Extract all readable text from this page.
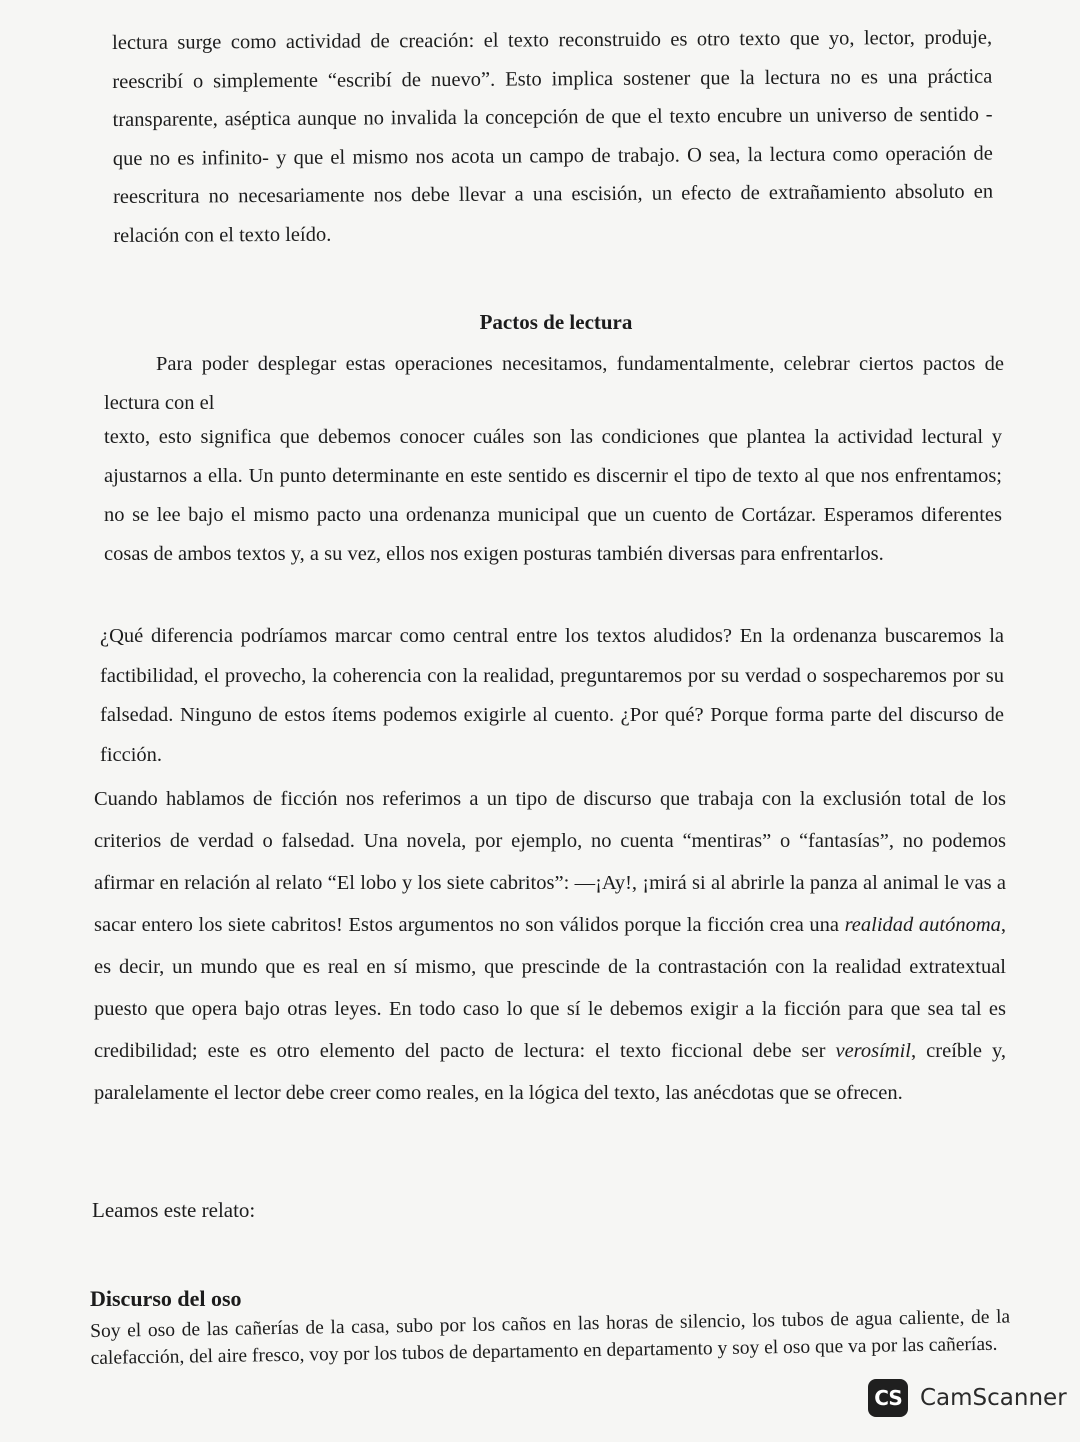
lectura surge como actividad de creación: el texto reconstruido es otro texto que yo, lector, produje, reescribí o simplemente “escribí de nuevo”. Esto implica sostener que la lectura no es una práctica transparente, aséptica aunque no invalida la concepción de que el texto encubre un universo de sentido -que no es infinito- y que el mismo nos acota un campo de trabajo. O sea, la lectura como operación de reescritura no necesariamente nos debe llevar a una escisión, un efecto de extrañamiento absoluto en relación con el texto leído.

Pactos de lectura

Para poder desplegar estas operaciones necesitamos, fundamentalmente, celebrar ciertos pactos de lectura con el

texto, esto significa que debemos conocer cuáles son las condiciones que plantea la actividad lectural y ajustarnos a ella. Un punto determinante en este sentido es discernir el tipo de texto al que nos enfrentamos; no se lee bajo el mismo pacto una ordenanza municipal que un cuento de Cortázar. Esperamos diferentes cosas de ambos textos y, a su vez, ellos nos exigen posturas también diversas para enfrentarlos.

¿Qué diferencia podríamos marcar como central entre los textos aludidos? En la ordenanza buscaremos la factibilidad, el provecho, la coherencia con la realidad, preguntaremos por su verdad o sospecharemos por su falsedad. Ninguno de estos ítems podemos exigirle al cuento. ¿Por qué? Porque forma parte del discurso de ficción.

Cuando hablamos de ficción nos referimos a un tipo de discurso que trabaja con la exclusión total de los criterios de verdad o falsedad. Una novela, por ejemplo, no cuenta “mentiras” o “fantasías”, no podemos afirmar en relación al relato “El lobo y los siete cabritos”: —¡Ay!, ¡mirá si al abrirle la panza al animal le vas a sacar entero los siete cabritos! Estos argumentos no son válidos porque la ficción crea una realidad autónoma, es decir, un mundo que es real en sí mismo, que prescinde de la contrastación con la realidad extratextual puesto que opera bajo otras leyes. En todo caso lo que sí le debemos exigir a la ficción para que sea tal es credibilidad; este es otro elemento del pacto de lectura: el texto ficcional debe ser verosímil, creíble y, paralelamente el lector debe creer como reales, en la lógica del texto, las anécdotas que se ofrecen.

Leamos este relato:

Discurso del oso

Soy el oso de las cañerías de la casa, subo por los caños en las horas de silencio, los tubos de agua caliente, de la calefacción, del aire fresco, voy por los tubos de departamento en departamento y soy el oso que va por las cañerías.

CS CamScanner
